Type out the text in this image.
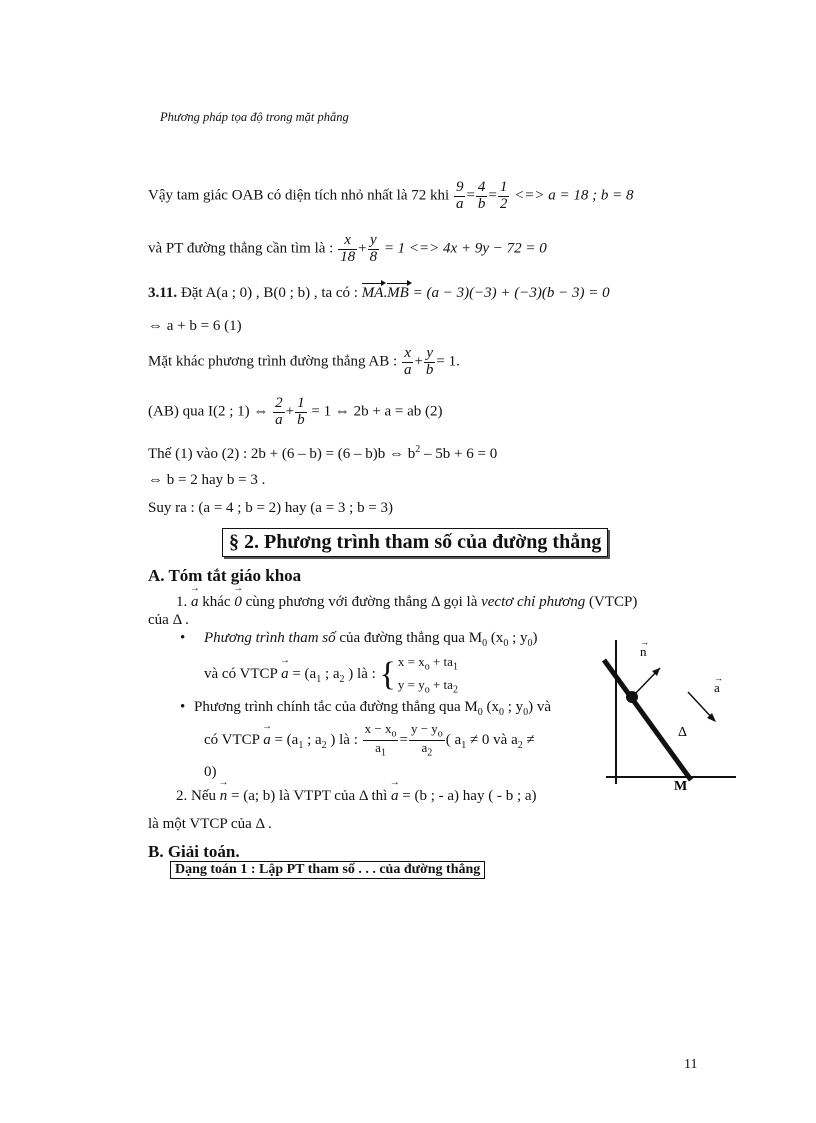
Phương pháp tọa độ trong mặt phẳng
Vậy tam giác OAB có diện tích nhỏ nhất là 72 khi $\frac{9}{a} = \frac{4}{b} = \frac{1}{2}$ <=> a = 18 ; b = 8
và PT đường thẳng cần tìm là : $\frac{x}{18} + \frac{y}{8} = 1$ <=> 4x + 9y − 72 = 0
3.11. Đặt A(a ; 0) , B(0 ; b) , ta có : MA.MB = (a − 3)(−3) + (−3)(b − 3) = 0
⇔ a + b = 6 (1)
Mặt khác phương trình đường thẳng AB : $\frac{x}{a} + \frac{y}{b} = 1$.
(AB) qua I(2 ; 1) ⇔ $\frac{2}{a} + \frac{1}{b} = 1$ ⇔ 2b + a = ab (2)
Thế (1) vào (2) : 2b + (6 – b) = (6 – b)b ⇔ $b^2 - 5b + 6 = 0$
⇔ b = 2 hay b = 3 .
Suy ra : (a = 4 ; b = 2) hay (a = 3 ; b = 3)
§ 2. Phương trình tham số của đường thẳng
A. Tóm tắt giáo khoa
1. → a khác → 0 cùng phương với đường thẳng Δ gọi là vectơ chỉ phương (VTCP)
của Δ .
• Phương trình tham số của đường thẳng qua $M_0$ ($x_0$ ; $y_0$)
và có VTCP → $a = (a_1$ ; $a_2$ ) là : { $x = x_o + ta_1$
$y = y_o + ta_2$
• Phương trình chính tắc của đường thẳng qua $M_0$ ($x_0$ ; $y_0$) và
có VTCP → $a = (a_1$ ; $a_2$ ) là : $\frac{x - x_o}{a_1} = \frac{y - y_o}{a_2}$ ( $a_1 \ne 0$ và $a_2$ ≠
0)
2. Nếu → n = (a; b) là VTPT của Δ thì → a = (b ; - a) hay ( - b ; a)
là một VTCP của Δ .
B. Giải toán.
Dạng toán 1 : Lập PT tham số . . . của đường thẳng
n
→
a
→
Δ
M
11
